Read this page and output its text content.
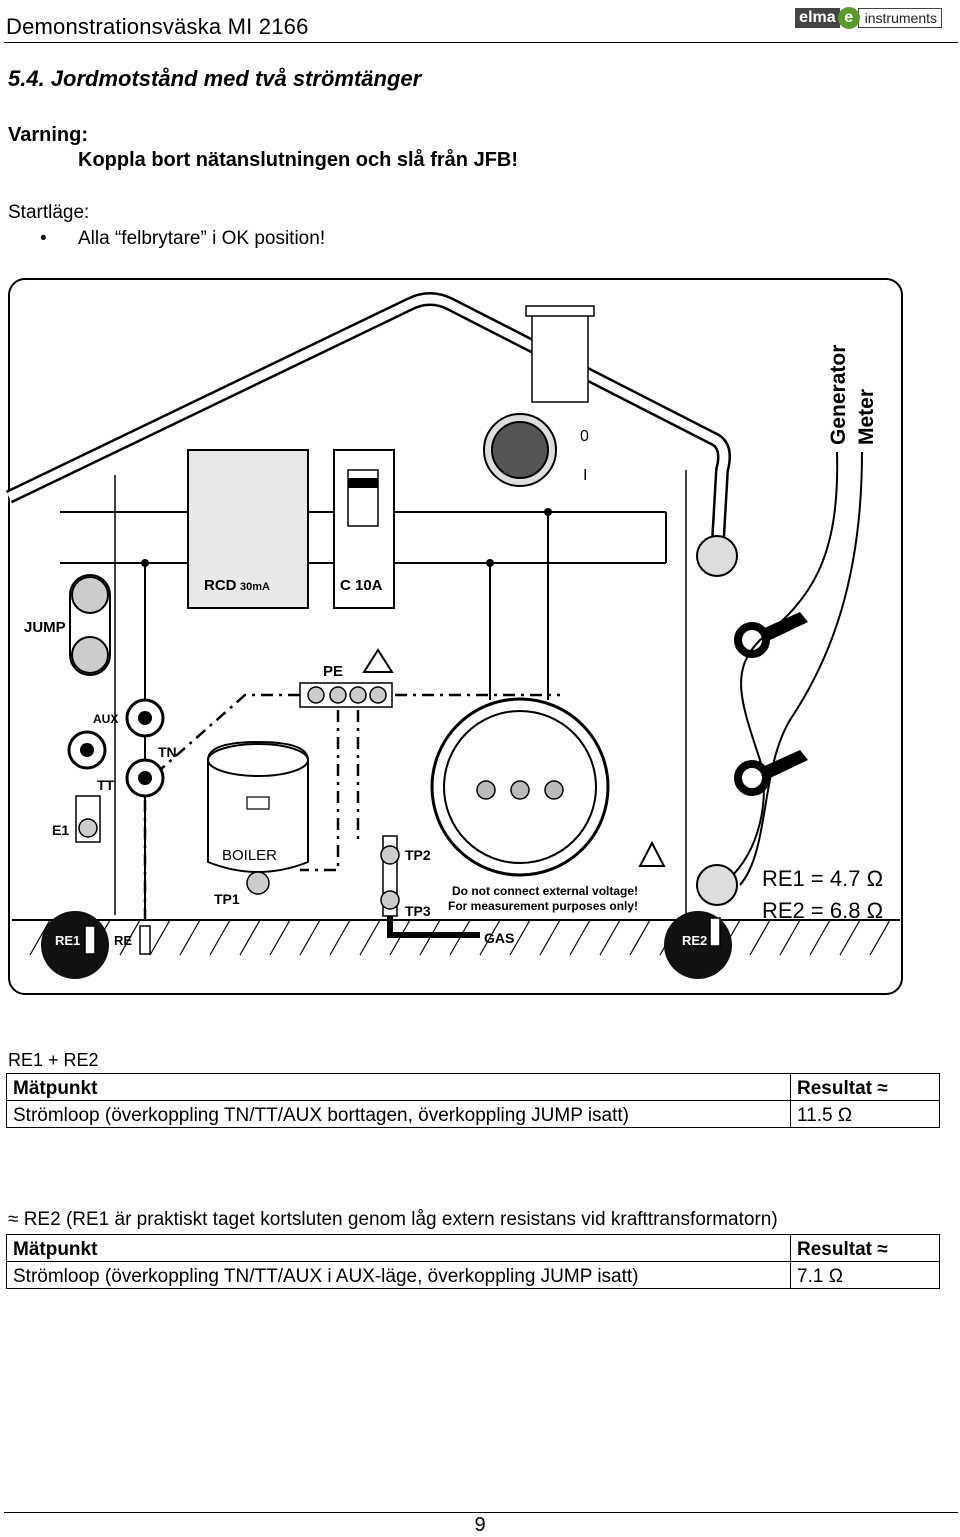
Demonstrationsväska MI 2166	elma e instruments
5.4. Jordmotstånd med två strömtänger
Varning:
Koppla bort nätanslutningen och slå från JFB!
Startläge:
• Alla “felbrytare” i OK position!
RCD 30mA	C 10A
0
I
Generator Meter
JUMP
AUX
TT
TN
E1
PE
BOILER
TP1
TP2
TP3
GAS
Do not connect external voltage!
For measurement purposes only!
RE1	RE	RE2
RE1 = 4.7 Ω
RE2 = 6.8 Ω
RE1 + RE2
Mätpunkt	Resultat ≈
Strömloop (överkoppling TN/TT/AUX borttagen, överkoppling JUMP isatt)	11.5 Ω
≈ RE2 (RE1 är praktiskt taget kortsluten genom låg extern resistans vid krafttransformatorn)
Mätpunkt	Resultat ≈
Strömloop (överkoppling TN/TT/AUX i AUX-läge, överkoppling JUMP isatt)	7.1 Ω
9
